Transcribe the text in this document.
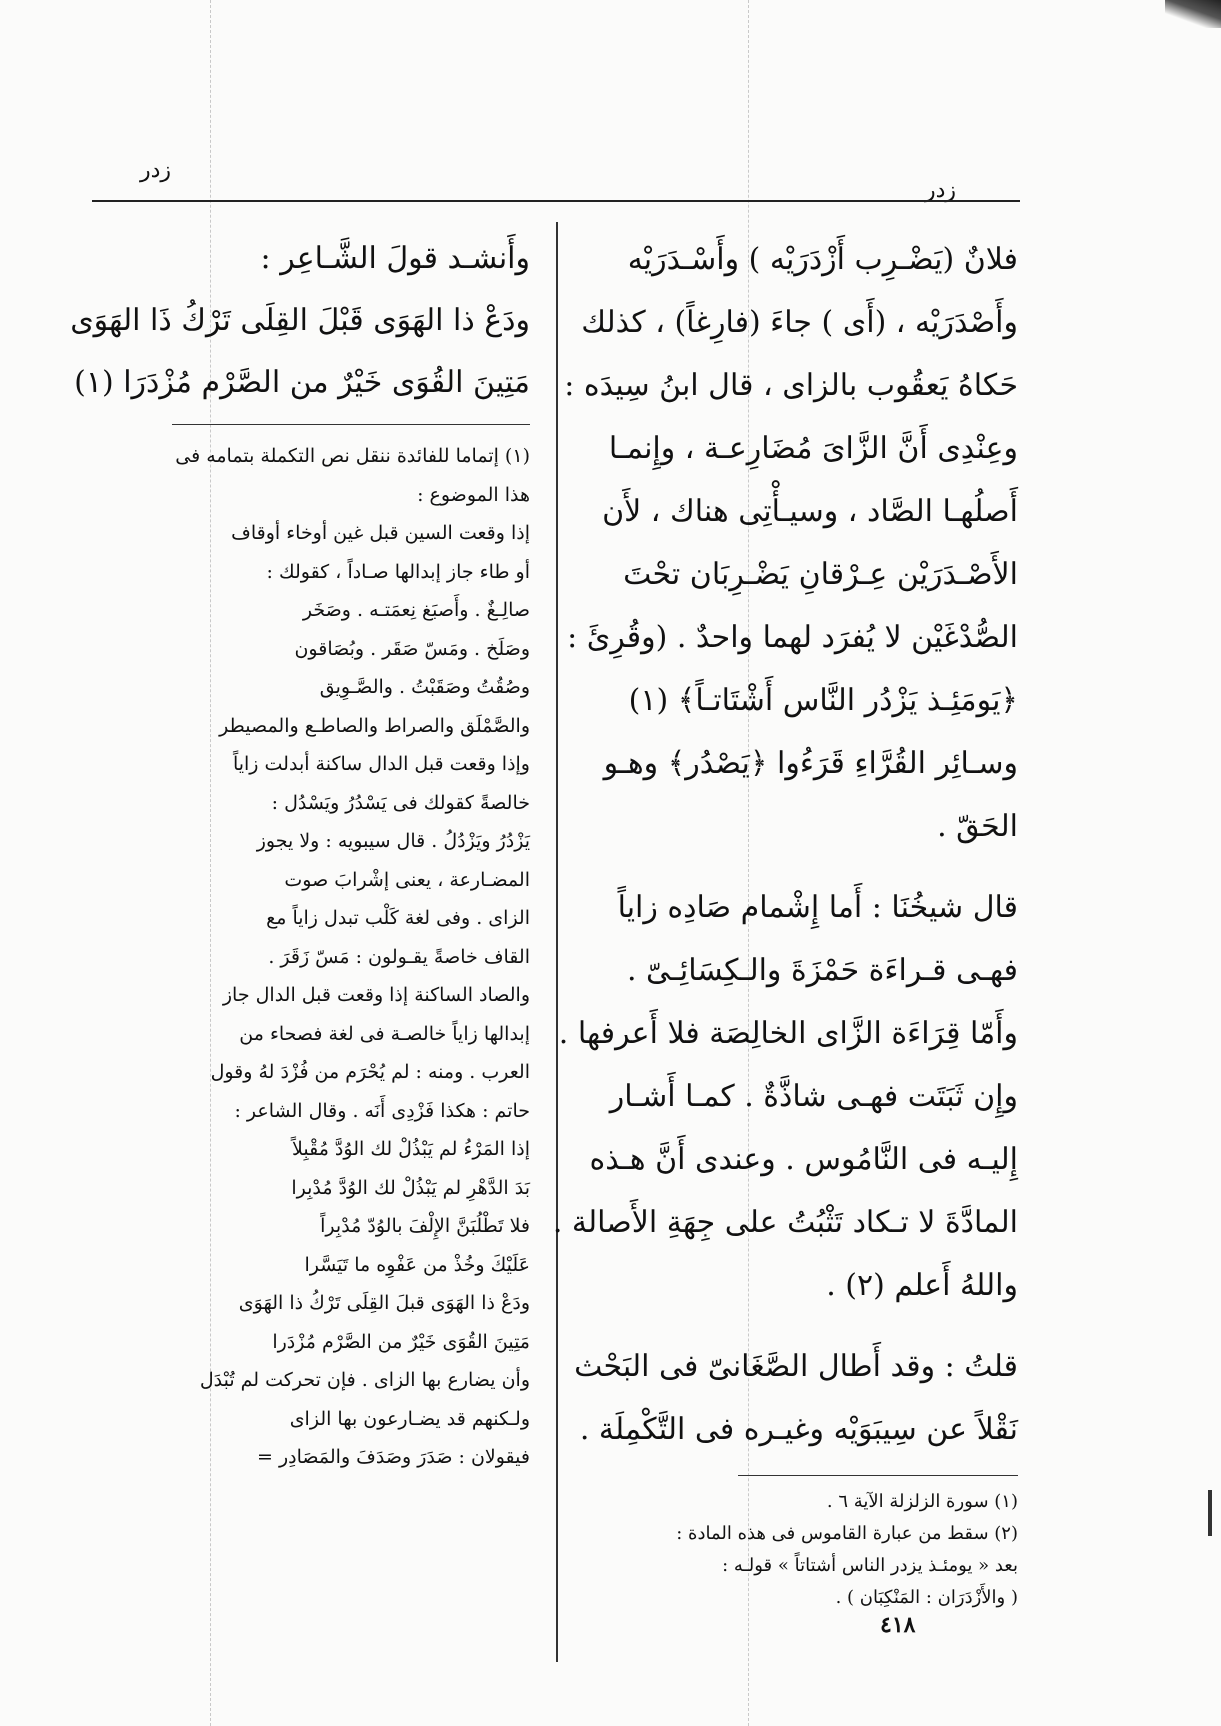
زدر
زدر
فلانٌ (يَضْـرِب أَزْدَرَيْه ) وأَسْـدَرَيْه
وأَصْدَرَيْه ، (أَى ) جاءَ (فارِغاً) ، كذلك
حَكاهُ يَعقُوب بالزاى ، قال ابنُ سِيدَه :
وعِنْدِى أَنَّ الزَّاىَ مُضَارِعـة ، وإِنمـا
أَصلُهـا الصَّاد ، وسيـأْتِى هناك ، لأَن
الأَصْـدَرَيْن عِـرْقانِ يَضْـرِبَان تحْتَ
الصُّدْغَيْن لا يُفرَد لهما واحدٌ . (وقُرِئَ :
﴿يَومَئِـذ يَزْدُر النَّاس أَشْتَاتـاً﴾ (١)
وسـائِر القُرَّاءِ قَرَءُوا ﴿يَصْدُر﴾ وهـو
الحَقّ .
قال شيخُنَا : أَما إِشْمام صَادِه زاياً
فهـى قـراءَة حَمْزَةَ والـكِسَائِـىّ .
وأَمّا قِرَاءَة الزَّاى الخالِصَة فلا أَعرفها .
وإِن ثَبَتَت فهـى شاذَّةٌ . كمـا أَشـار
إِليـه فى النَّامُوس . وعندى أَنَّ هـذه
المادَّةَ لا تـكاد تَثْبُتُ على جِهَةِ الأَصالة .
واللهُ أَعلم (٢) .
قلتُ : وقد أَطال الصَّغَانىّ فى البَحْث
نَقْلاً عن سِيبَوَيْه وغيـره فى التَّكْمِلَة .
(١) سورة الزلزلة الآية ٦ .
(٢) سقط من عبارة القاموس فى هذه المادة :
بعد « يومئـذ يزدر الناس أشتاتاً » قولـه :
( والأَزْدَرَان : المَنْكِبَان ) .
وأَنشـد قولَ الشَّـاعِر :
ودَعْ ذا الهَوَى قَبْلَ القِلَى تَرْكُ ذَا الهَوَى
مَتِينَ القُوَى خَيْرٌ من الصَّرْم مُزْدَرَا (١)
(١) إتماما للفائدة ننقل نص التكملة بتمامه فى
هذا الموضوع :
إذا وقعت السين قبل غين أوخاء أوقاف
أو طاء جاز إبدالها صـاداً ، كقولك :
صالِـغٌ . وأَصبَغ نِعمَتـه . وصَخَر
وصَلَخ . ومَسّ صَقَر . وبُصَاقون
وصُقُتُ وصَقَبْتُ . والصَّـوِيق
والصَّمْلَق والصراط والصاطـع والمصيطر
وإذا وقعت قبل الدال ساكنة أبدلت زاياً
خالصةً كقولك فى يَسْدُرُ ويَسْدُل :
يَزْدُرُ ويَزْدُلُ . قال سيبويه : ولا يجوز
المضـارعة ، يعنى إشْرابَ صوت
الزاى . وفى لغة كَلْب تبدل زاياً مع
القاف خاصةً يقـولون : مَسّ زَقَرَ .
والصاد الساكنة إذا وقعت قبل الدال جاز
إبدالها زاياً خالصـة فى لغة فصحاء من
العرب . ومنه : لم يُحْرَم من فُزْدَ لهُ وقول
حاتم : هكذا فَزْدِى أَنَه . وقال الشاعر :
إذا المَرْءُ لم يَبْذُلْ لك الوُدَّ مُقْبِلاً
بَدَ الدَّهْرِ لم يَبْذُلْ لك الوُدَّ مُدْبِرا
فلا تَطْلُبَنَّ الإِلْفَ بالوُدّ مُدْبِراً
عَلَيْكَ وخُذْ من عَفْوِه ما تَيَسَّرا
ودَعْ ذا الهَوَى قبلَ القِلَى تَرْكُ ذا الهَوَى
مَتِينَ القُوَى خَيْرٌ من الصَّرْم مُزْدَرا
وأن يضارع بها الزاى . فإن تحركت لم تُبْدَل
ولـكنهم قد يضـارعون بها الزاى
فيقولان : صَدَرَ وصَدَفَ والمَصَادِر =
٤١٨
